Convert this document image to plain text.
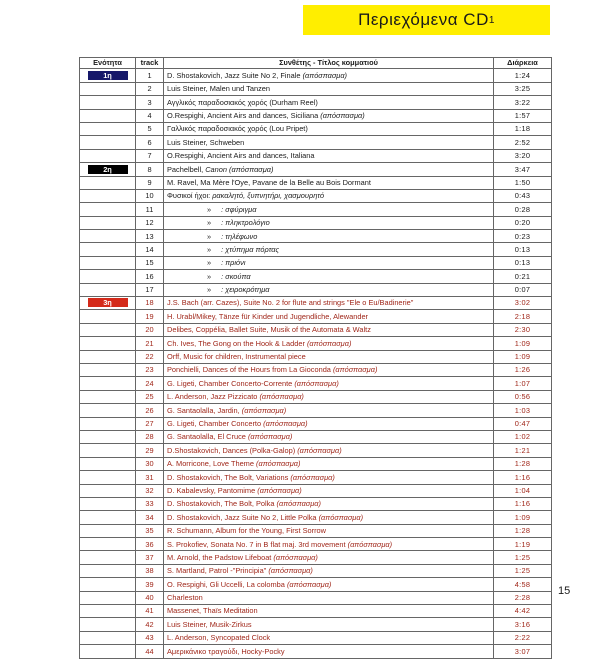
Περιεχόμενα CD 1
Ενότητα	track	Συνθέτης - Τίτλος κομματιού	Διάρκεια
1η	1	D. Shostakovich, Jazz Suite No 2, Finale (απόσπασμα)	1:24
	2	Luis Steiner, Malen und Tanzen	3:25
	3	Αγγλικός παραδοσιακός χορός (Durham Reel)	3:22
	4	O.Respighi, Ancient Airs and dances, Siciliana (απόσπασμα)	1:57
	5	Γαλλικός παραδοσιακός χορός (Lou Pripet)	1:18
	6	Luis Steiner, Schweben	2:52
	7	O.Respighi, Ancient Airs and dances, Italiana	3:20
2η	8	Pachelbell, Canon (απόσπασμα)	3:47
	9	M. Ravel, Ma Mère l'Oye, Pavane de la Belle au Bois Dormant	1:50
	10	Φυσικοί ήχοι: ρακαλητό, ξυπνητήρι, χασμουρητό	0:43
	11	» : σφύριγμα	0:28
	12	» : πληκτρολόγιο	0:20
	13	» : τηλέφωνο	0:23
	14	» : χτύπημα πόρτας	0:13
	15	» : πριόνι	0:13
	16	» : σκούπα	0:21
	17	» : χειροκρότημα	0:07
3η	18	J.S. Bach (arr. Cazes), Suite No. 2 for flute and strings "Ele o Eu/Badinerie"	3:02
	19	H. Urabl/Mikey, Tänze für Kinder und Jugendliche, Alewander	2:18
	20	Delibes, Coppélia, Ballet Suite, Musik of the Automata & Waltz	2:30
	21	Ch. Ives, The Gong on the Hook & Ladder (απόσπασμα)	1:09
	22	Orff, Music for children, Instrumental piece	1:09
	23	Ponchielli, Dances of the Hours from La Gioconda (απόσπασμα)	1:26
	24	G. Ligeti, Chamber Concerto-Corrente (απόσπασμα)	1:07
	25	L. Anderson, Jazz Pizzicato (απόσπασμα)	0:56
	26	G. Santaolalla, Jardin, (απόσπασμα)	1:03
	27	G. Ligeti, Chamber Concerto (απόσπασμα)	0:47
	28	G. Santaolalla, El Cruce (απόσπασμα)	1:02
	29	D.Shostakovich, Dances (Polka-Galop) (απόσπασμα)	1:21
	30	A. Morricone, Love Theme (απόσπασμα)	1:28
	31	D. Shostakovich, The Bolt, Variations (απόσπασμα)	1:16
	32	D. Kabalevsky, Pantomime (απόσπασμα)	1:04
	33	D. Shostakovich, The Bolt, Polka (απόσπασμα)	1:16
	34	D. Shostakovich, Jazz Suite No 2, Little Polka (απόσπασμα)	1:09
	35	R. Schumann, Album for the Young, First Sorrow	1:28
	36	S. Prokofiev, Sonata No. 7 in B flat maj. 3rd movement (απόσπασμα)	1:19
	37	M. Arnold, the Padstow Lifeboat (απόσπασμα)	1:25
	38	S. Martland, Patrol -"Principia" (απόσπασμα)	1:25
	39	O. Respighi, Gli Uccelli, La colomba (απόσπασμα)	4:58
	40	Charleston	2:28
	41	Massenet, Thaïs Meditation	4:42
	42	Luis Steiner, Musik-Zirkus	3:16
	43	L. Anderson, Syncopated Clock	2:22
	44	Αμερικάνικο τραγούδι, Hocky-Pocky	3:07
15
